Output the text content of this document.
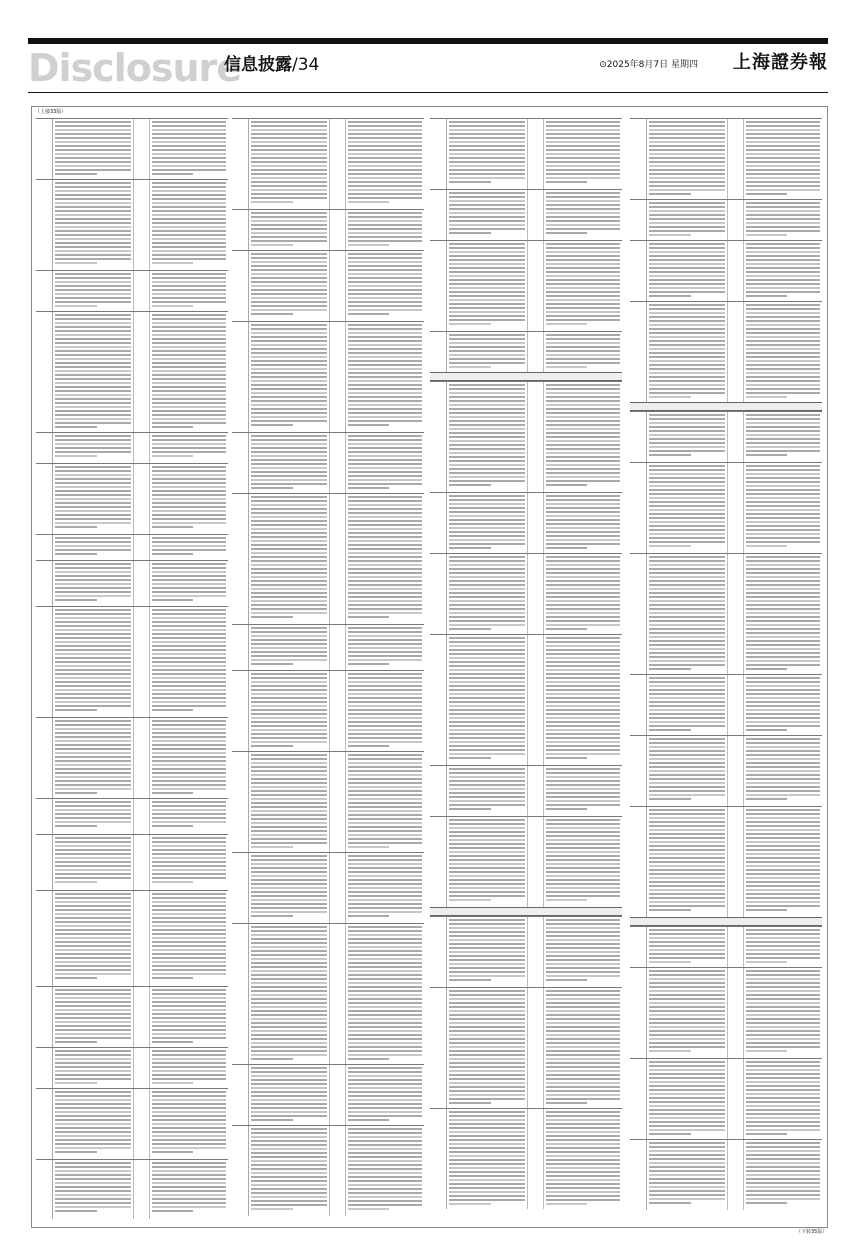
Disclosure
信息披露/34	⊙2025年8月7日 星期四 上海證券報
（上接33版）
（下转35版）
